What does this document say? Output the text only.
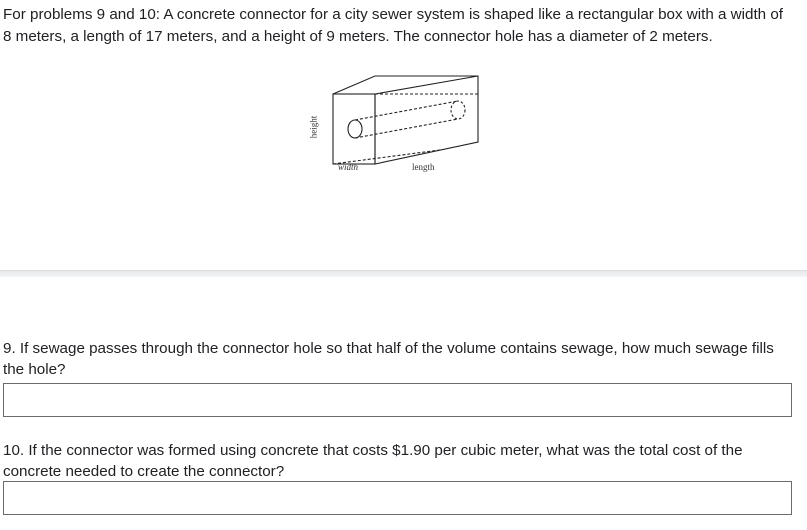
For problems 9 and 10: A concrete connector for a city sewer system is shaped like a rectangular box with a width of 8 meters, a length of 17 meters, and a height of 9 meters. The connector hole has a diameter of 2 meters.

height
width	length

9. If sewage passes through the connector hole so that half of the volume contains sewage, how much sewage fills the hole?

10. If the connector was formed using concrete that costs $1.90 per cubic meter, what was the total cost of the concrete needed to create the connector?
